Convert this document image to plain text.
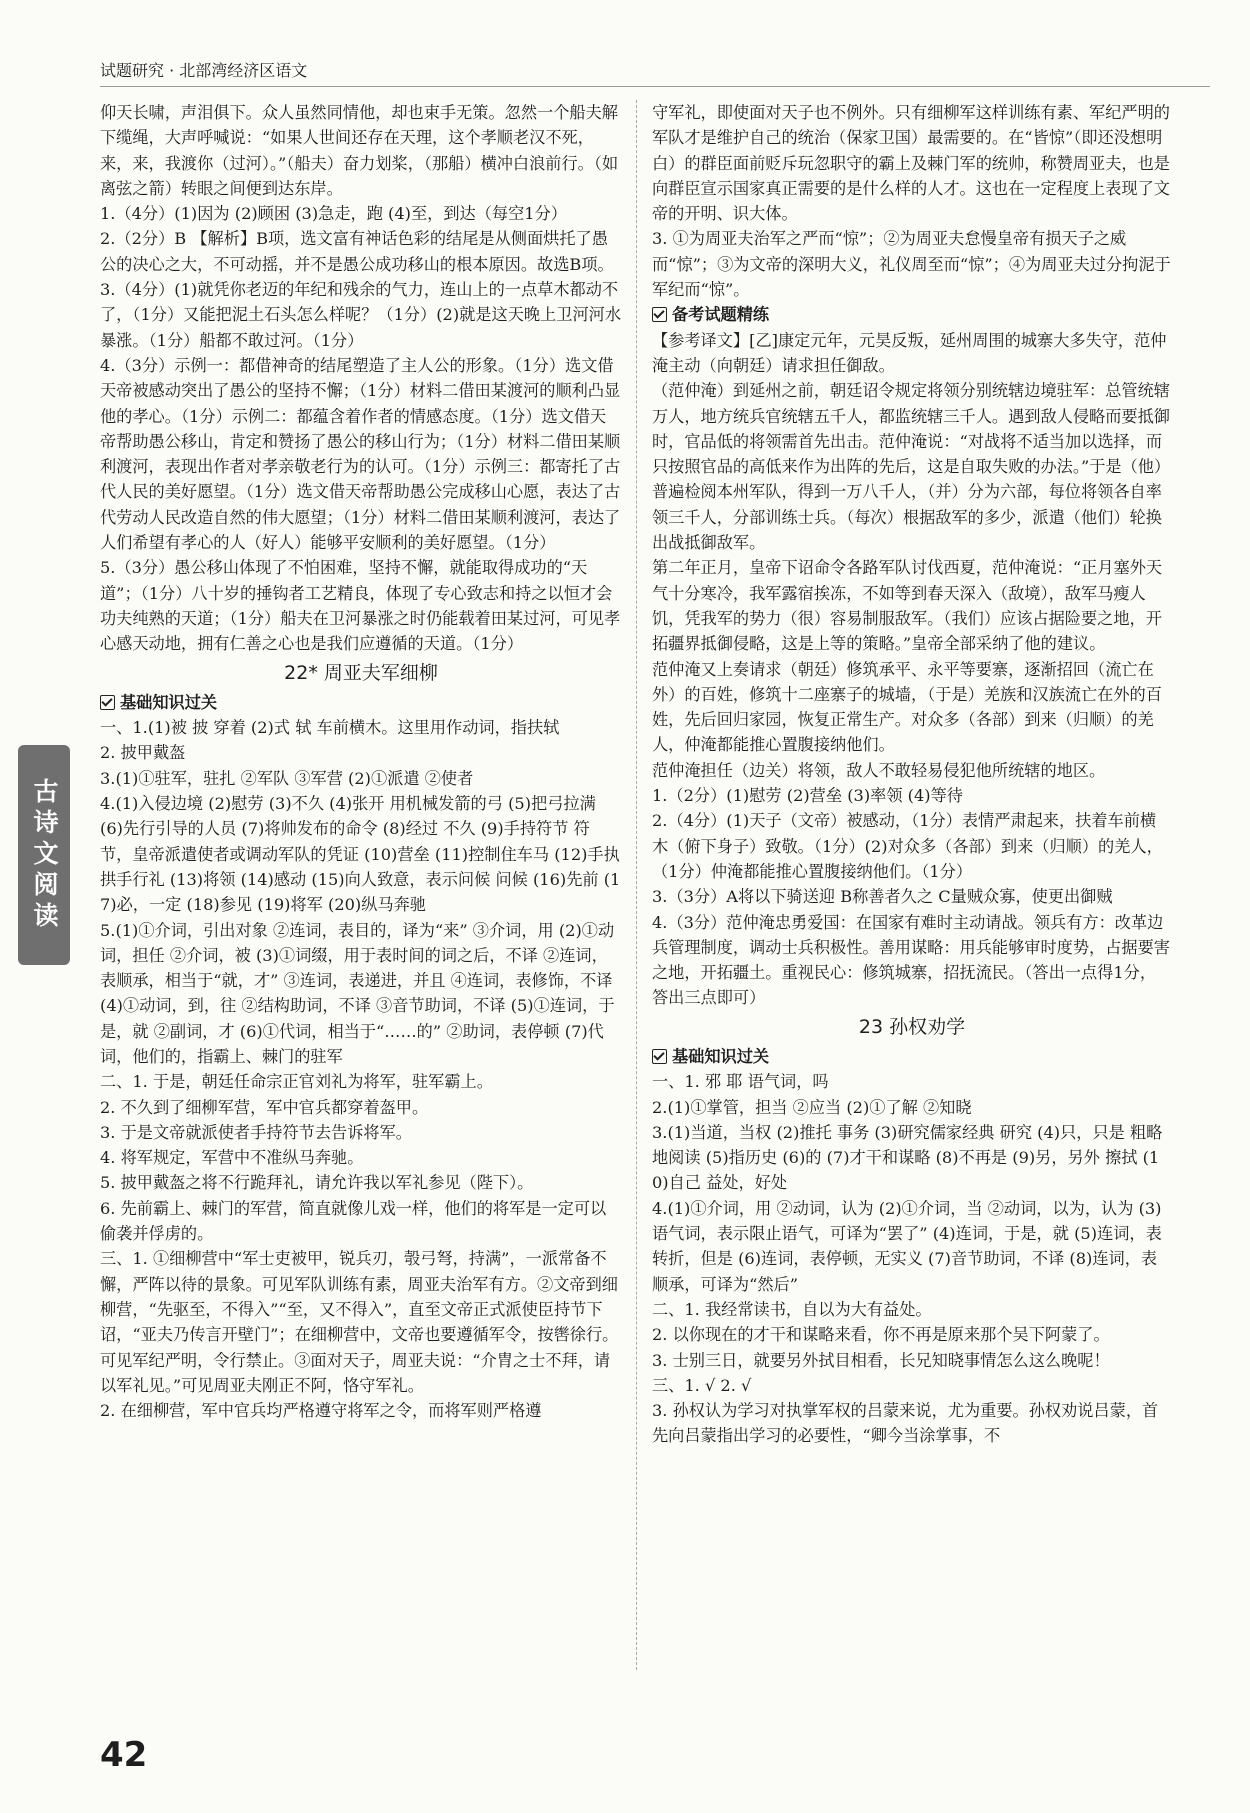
试题研究 · 北部湾经济区语文
古诗文阅读
仰天长啸，声泪俱下。众人虽然同情他，却也束手无策。忽然一个船夫解下缆绳，大声呼喊说：“如果人世间还存在天理，这个孝顺老汉不死，来，来，我渡你（过河）。”（船夫）奋力划桨，（那船）横冲白浪前行。（如离弦之箭）转眼之间便到达东岸。
1.（4分）(1)因为 (2)顾困 (3)急走，跑 (4)至，到达（每空1分）
2.（2分）B 【解析】B项，选文富有神话色彩的结尾是从侧面烘托了愚公的决心之大，不可动摇，并不是愚公成功移山的根本原因。故选B项。
3.（4分）(1)就凭你老迈的年纪和残余的气力，连山上的一点草木都动不了，（1分）又能把泥土石头怎么样呢？（1分）(2)就是这天晚上卫河河水暴涨。（1分）船都不敢过河。（1分）
4.（3分）示例一：都借神奇的结尾塑造了主人公的形象。（1分）选文借天帝被感动突出了愚公的坚持不懈；（1分）材料二借田某渡河的顺利凸显他的孝心。（1分）示例二：都蕴含着作者的情感态度。（1分）选文借天帝帮助愚公移山，肯定和赞扬了愚公的移山行为；（1分）材料二借田某顺利渡河，表现出作者对孝亲敬老行为的认可。（1分）示例三：都寄托了古代人民的美好愿望。（1分）选文借天帝帮助愚公完成移山心愿，表达了古代劳动人民改造自然的伟大愿望；（1分）材料二借田某顺利渡河，表达了人们希望有孝心的人（好人）能够平安顺利的美好愿望。（1分）
5.（3分）愚公移山体现了不怕困难，坚持不懈，就能取得成功的“天道”；（1分）八十岁的捶钩者工艺精良，体现了专心致志和持之以恒才会功夫纯熟的天道；（1分）船夫在卫河暴涨之时仍能载着田某过河，可见孝心感天动地，拥有仁善之心也是我们应遵循的天道。（1分）
22* 周亚夫军细柳
基础知识过关
一、1.(1)被 披 穿着 (2)式 轼 车前横木。这里用作动词，指扶轼
2. 披甲戴盔
3.(1)①驻军，驻扎 ②军队 ③军营 (2)①派遣 ②使者
4.(1)入侵边境 (2)慰劳 (3)不久 (4)张开 用机械发箭的弓 (5)把弓拉满 (6)先行引导的人员 (7)将帅发布的命令 (8)经过 不久 (9)手持符节 符节，皇帝派遣使者或调动军队的凭证 (10)营垒 (11)控制住车马 (12)手执 拱手行礼 (13)将领 (14)感动 (15)向人致意，表示问候 问候 (16)先前 (17)必，一定 (18)参见 (19)将军 (20)纵马奔驰
5.(1)①介词，引出对象 ②连词，表目的，译为“来” ③介词，用 (2)①动词，担任 ②介词，被 (3)①词缀，用于表时间的词之后，不译 ②连词，表顺承，相当于“就，才” ③连词，表递进，并且 ④连词，表修饰，不译 (4)①动词，到，往 ②结构助词，不译 ③音节助词，不译 (5)①连词，于是，就 ②副词，才 (6)①代词，相当于“……的” ②助词，表停顿 (7)代词，他们的，指霸上、棘门的驻军
二、1. 于是，朝廷任命宗正官刘礼为将军，驻军霸上。
2. 不久到了细柳军营，军中官兵都穿着盔甲。
3. 于是文帝就派使者手持符节去告诉将军。
4. 将军规定，军营中不准纵马奔驰。
5. 披甲戴盔之将不行跪拜礼，请允许我以军礼参见（陛下）。
6. 先前霸上、棘门的军营，简直就像儿戏一样，他们的将军是一定可以偷袭并俘虏的。
三、1. ①细柳营中“军士吏被甲，锐兵刃，彀弓弩，持满”，一派常备不懈，严阵以待的景象。可见军队训练有素，周亚夫治军有方。②文帝到细柳营，“先驱至，不得入”“至，又不得入”，直至文帝正式派使臣持节下诏，“亚夫乃传言开壁门”；在细柳营中，文帝也要遵循军令，按辔徐行。可见军纪严明，令行禁止。③面对天子，周亚夫说：“介胄之士不拜，请以军礼见。”可见周亚夫刚正不阿，恪守军礼。
2. 在细柳营，军中官兵均严格遵守将军之令，而将军则严格遵
守军礼，即使面对天子也不例外。只有细柳军这样训练有素、军纪严明的军队才是维护自己的统治（保家卫国）最需要的。在“皆惊”（即还没想明白）的群臣面前贬斥玩忽职守的霸上及棘门军的统帅，称赞周亚夫，也是向群臣宣示国家真正需要的是什么样的人才。这也在一定程度上表现了文帝的开明、识大体。
3. ①为周亚夫治军之严而“惊”；②为周亚夫怠慢皇帝有损天子之威而“惊”；③为文帝的深明大义，礼仪周至而“惊”；④为周亚夫过分拘泥于军纪而“惊”。
备考试题精练
【参考译文】[乙]康定元年，元昊反叛，延州周围的城寨大多失守，范仲淹主动（向朝廷）请求担任御敌。
（范仲淹）到延州之前，朝廷诏令规定将领分别统辖边境驻军：总管统辖万人，地方统兵官统辖五千人，都监统辖三千人。遇到敌人侵略而要抵御时，官品低的将领需首先出击。范仲淹说：“对战将不适当加以选择，而只按照官品的高低来作为出阵的先后，这是自取失败的办法。”于是（他）普遍检阅本州军队，得到一万八千人，（并）分为六部，每位将领各自率领三千人，分部训练士兵。（每次）根据敌军的多少，派遣（他们）轮换出战抵御敌军。
第二年正月，皇帝下诏命令各路军队讨伐西夏，范仲淹说：“正月塞外天气十分寒冷，我军露宿挨冻，不如等到春天深入（敌境），敌军马瘦人饥，凭我军的势力（很）容易制服敌军。（我们）应该占据险要之地，开拓疆界抵御侵略，这是上等的策略。”皇帝全部采纳了他的建议。
范仲淹又上奏请求（朝廷）修筑承平、永平等要寨，逐渐招回（流亡在外）的百姓，修筑十二座寨子的城墙，（于是）羌族和汉族流亡在外的百姓，先后回归家园，恢复正常生产。对众多（各部）到来（归顺）的羌人，仲淹都能推心置腹接纳他们。
范仲淹担任（边关）将领，敌人不敢轻易侵犯他所统辖的地区。
1.（2分）(1)慰劳 (2)营垒 (3)率领 (4)等待
2.（4分）(1)天子（文帝）被感动，（1分）表情严肃起来，扶着车前横木（俯下身子）致敬。（1分）(2)对众多（各部）到来（归顺）的羌人，（1分）仲淹都能推心置腹接纳他们。（1分）
3.（3分）A将以下骑送迎 B称善者久之 C量贼众寡，使更出御贼
4.（3分）范仲淹忠勇爱国：在国家有难时主动请战。领兵有方：改革边兵管理制度，调动士兵积极性。善用谋略：用兵能够审时度势，占据要害之地，开拓疆土。重视民心：修筑城寨，招抚流民。（答出一点得1分，答出三点即可）
23 孙权劝学
基础知识过关
一、1. 邪 耶 语气词，吗
2.(1)①掌管，担当 ②应当 (2)①了解 ②知晓
3.(1)当道，当权 (2)推托 事务 (3)研究儒家经典 研究 (4)只，只是 粗略地阅读 (5)指历史 (6)的 (7)才干和谋略 (8)不再是 (9)另，另外 擦拭 (10)自己 益处，好处
4.(1)①介词，用 ②动词，认为 (2)①介词，当 ②动词，以为，认为 (3)语气词，表示限止语气，可译为“罢了” (4)连词，于是，就 (5)连词，表转折，但是 (6)连词，表停顿，无实义 (7)音节助词，不译 (8)连词，表顺承，可译为“然后”
二、1. 我经常读书，自以为大有益处。
2. 以你现在的才干和谋略来看，你不再是原来那个吴下阿蒙了。
3. 士别三日，就要另外拭目相看，长兄知晓事情怎么这么晚呢！
三、1. √ 2. √
3. 孙权认为学习对执掌军权的吕蒙来说，尤为重要。孙权劝说吕蒙，首先向吕蒙指出学习的必要性，“卿今当涂掌事，不
42
